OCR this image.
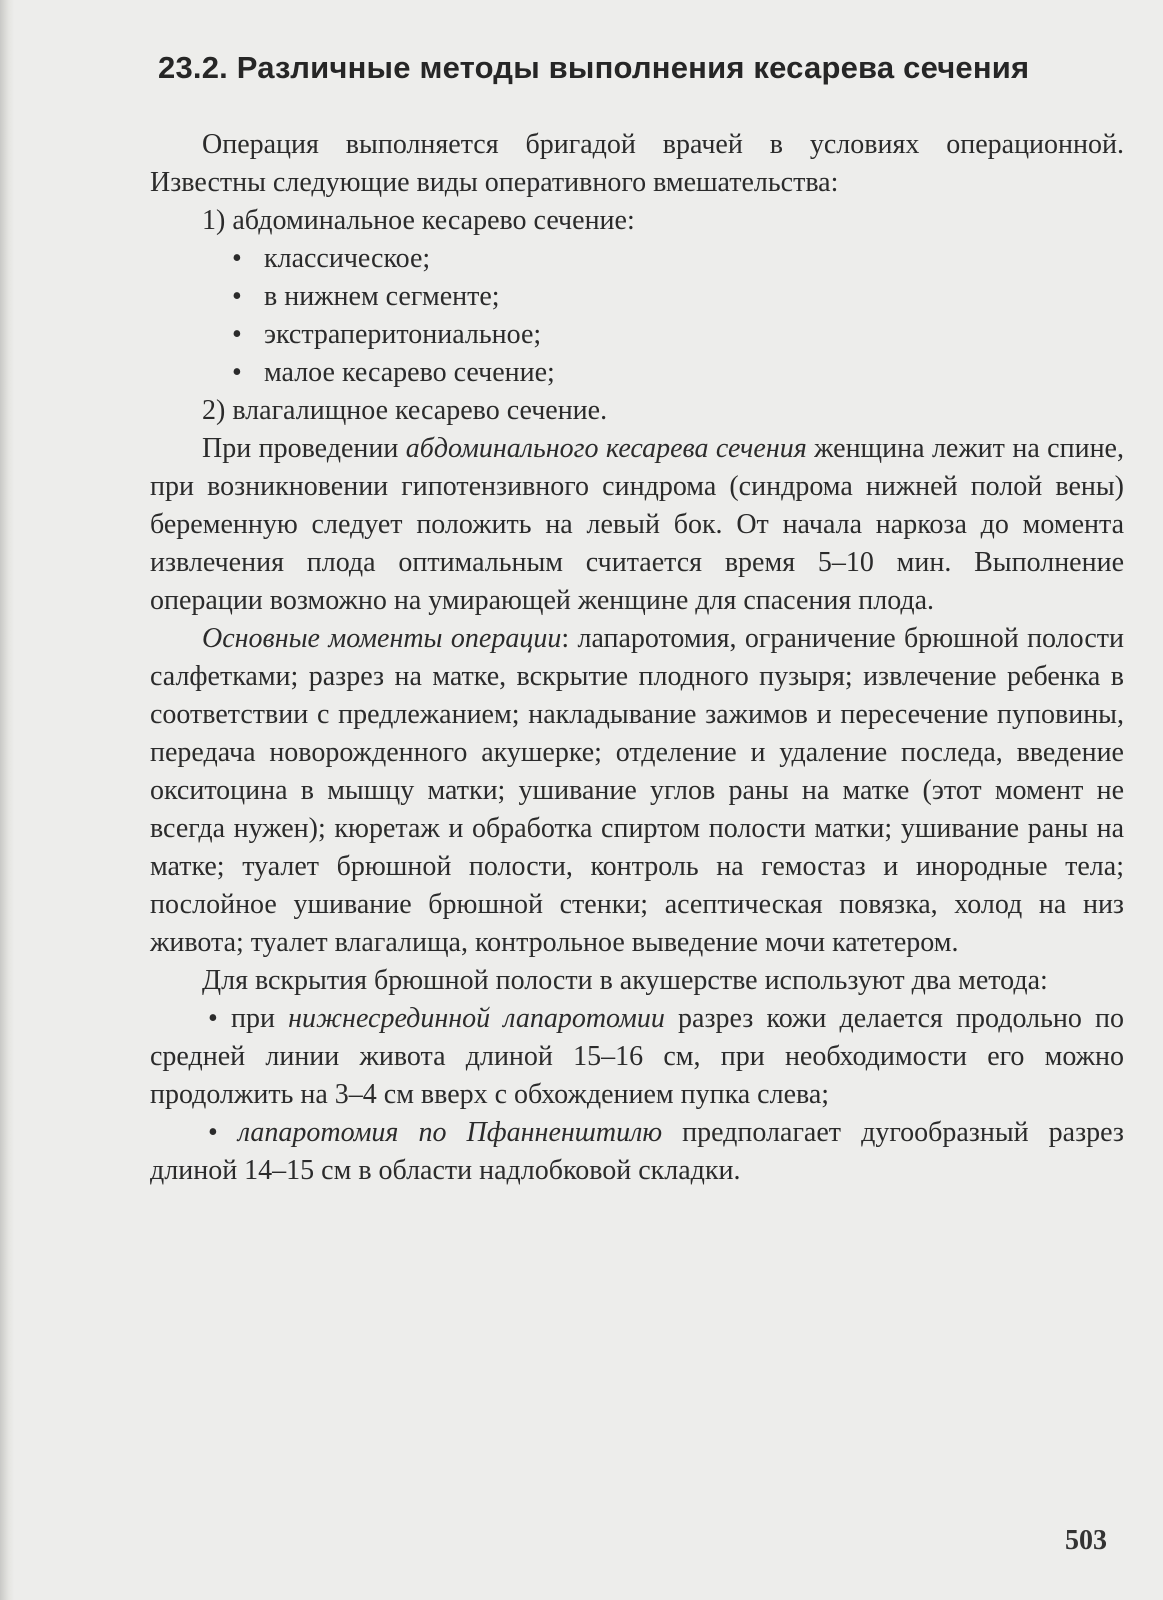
23.2. Различные методы выполнения кесарева сечения

Операция выполняется бригадой врачей в условиях операционной. Известны следующие виды оперативного вмешательства:

1) абдоминальное кесарево сечение:

• классическое;

• в нижнем сегменте;

• экстраперитониальное;

• малое кесарево сечение;

2) влагалищное кесарево сечение.

При проведении абдоминального кесарева сечения женщина лежит на спине, при возникновении гипотензивного синдрома (синдрома нижней полой вены) беременную следует положить на левый бок. От начала наркоза до момента извлечения плода оптимальным считается время 5–10 мин. Выполнение операции возможно на умирающей женщине для спасения плода.

Основные моменты операции: лапаротомия, ограничение брюшной полости салфетками; разрез на матке, вскрытие плодного пузыря; извлечение ребенка в соответствии с предлежанием; накладывание зажимов и пересечение пуповины, передача новорожденного акушерке; отделение и удаление последа, введение окситоцина в мышцу матки; ушивание углов раны на матке (этот момент не всегда нужен); кюретаж и обработка спиртом полости матки; ушивание раны на матке; туалет брюшной полости, контроль на гемостаз и инородные тела; послойное ушивание брюшной стенки; асептическая повязка, холод на низ живота; туалет влагалища, контрольное выведение мочи катетером.

Для вскрытия брюшной полости в акушерстве используют два метода:

• при нижнесрединной лапаротомии разрез кожи делается продольно по средней линии живота длиной 15–16 см, при необходимости его можно продолжить на 3–4 см вверх с обхождением пупка слева;

• лапаротомия по Пфанненштилю предполагает дугообразный разрез длиной 14–15 см в области надлобковой складки.

503
